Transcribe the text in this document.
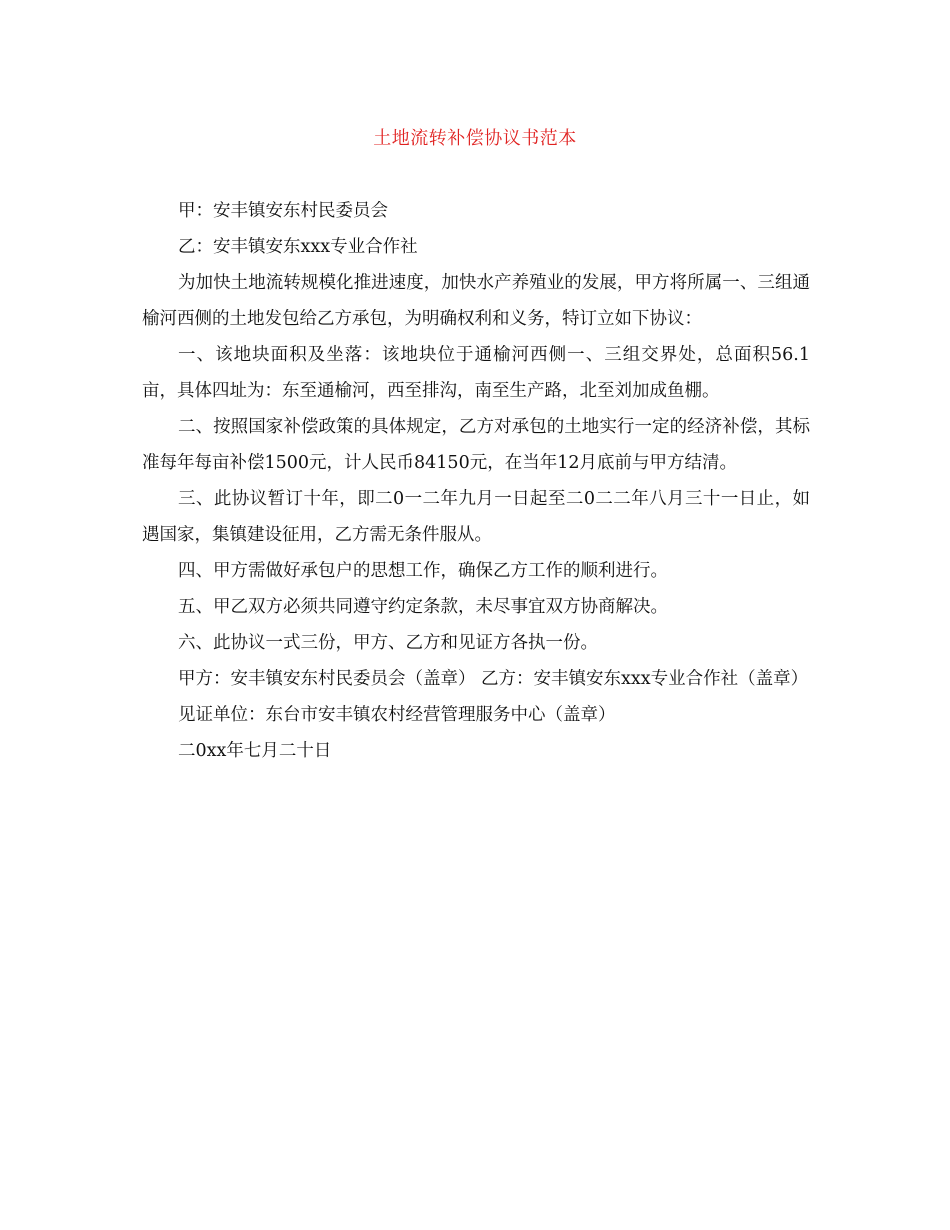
土地流转补偿协议书范本

甲：安丰镇安东村民委员会

乙：安丰镇安东xxx专业合作社

为加快土地流转规模化推进速度，加快水产养殖业的发展，甲方将所属一、三组通榆河西侧的土地发包给乙方承包，为明确权利和义务，特订立如下协议：

一、该地块面积及坐落：该地块位于通榆河西侧一、三组交界处，总面积56.1亩，具体四址为：东至通榆河，西至排沟，南至生产路，北至刘加成鱼棚。

二、按照国家补偿政策的具体规定，乙方对承包的土地实行一定的经济补偿，其标准每年每亩补偿1500元，计人民币84150元，在当年12月底前与甲方结清。

三、此协议暂订十年，即二0一二年九月一日起至二0二二年八月三十一日止，如遇国家，集镇建设征用，乙方需无条件服从。

四、甲方需做好承包户的思想工作，确保乙方工作的顺利进行。

五、甲乙双方必须共同遵守约定条款，未尽事宜双方协商解决。

六、此协议一式三份，甲方、乙方和见证方各执一份。

甲方：安丰镇安东村民委员会（盖章） 乙方：安丰镇安东xxx专业合作社（盖章）

见证单位：东台市安丰镇农村经营管理服务中心（盖章）

二0xx年七月二十日
